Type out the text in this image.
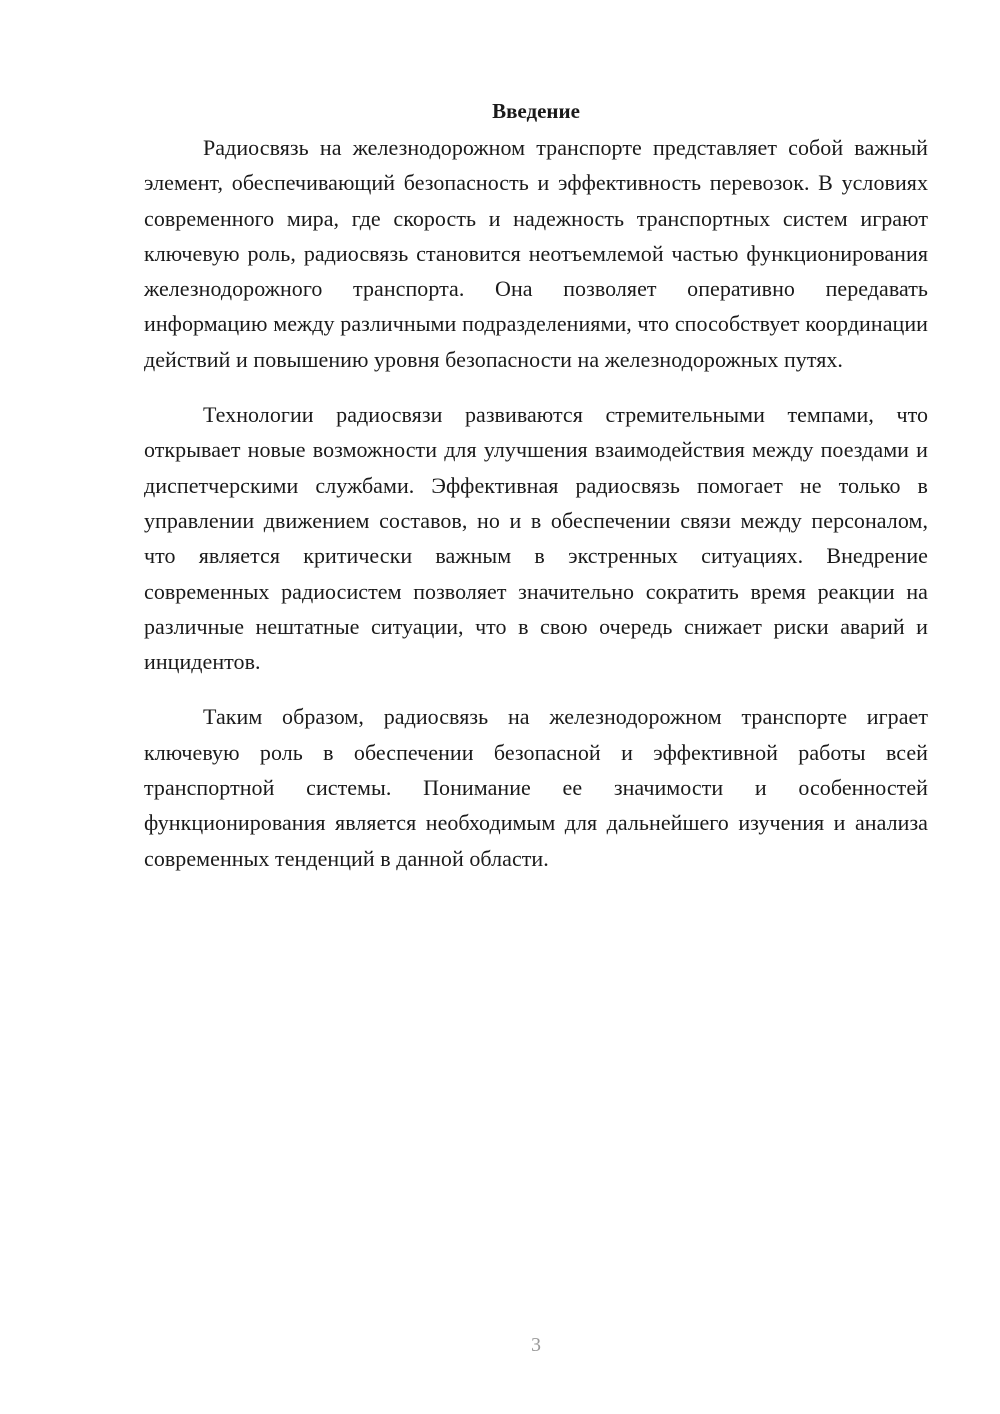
Введение

Радиосвязь на железнодорожном транспорте представляет собой важный элемент, обеспечивающий безопасность и эффективность перевозок. В условиях современного мира, где скорость и надежность транспортных систем играют ключевую роль, радиосвязь становится неотъемлемой частью функционирования железнодорожного транспорта. Она позволяет оперативно передавать информацию между различными подразделениями, что способствует координации действий и повышению уровня безопасности на железнодорожных путях.

Технологии радиосвязи развиваются стремительными темпами, что открывает новые возможности для улучшения взаимодействия между поездами и диспетчерскими службами. Эффективная радиосвязь помогает не только в управлении движением составов, но и в обеспечении связи между персоналом, что является критически важным в экстренных ситуациях. Внедрение современных радиосистем позволяет значительно сократить время реакции на различные нештатные ситуации, что в свою очередь снижает риски аварий и инцидентов.

Таким образом, радиосвязь на железнодорожном транспорте играет ключевую роль в обеспечении безопасной и эффективной работы всей транспортной системы. Понимание ее значимости и особенностей функционирования является необходимым для дальнейшего изучения и анализа современных тенденций в данной области.

3
